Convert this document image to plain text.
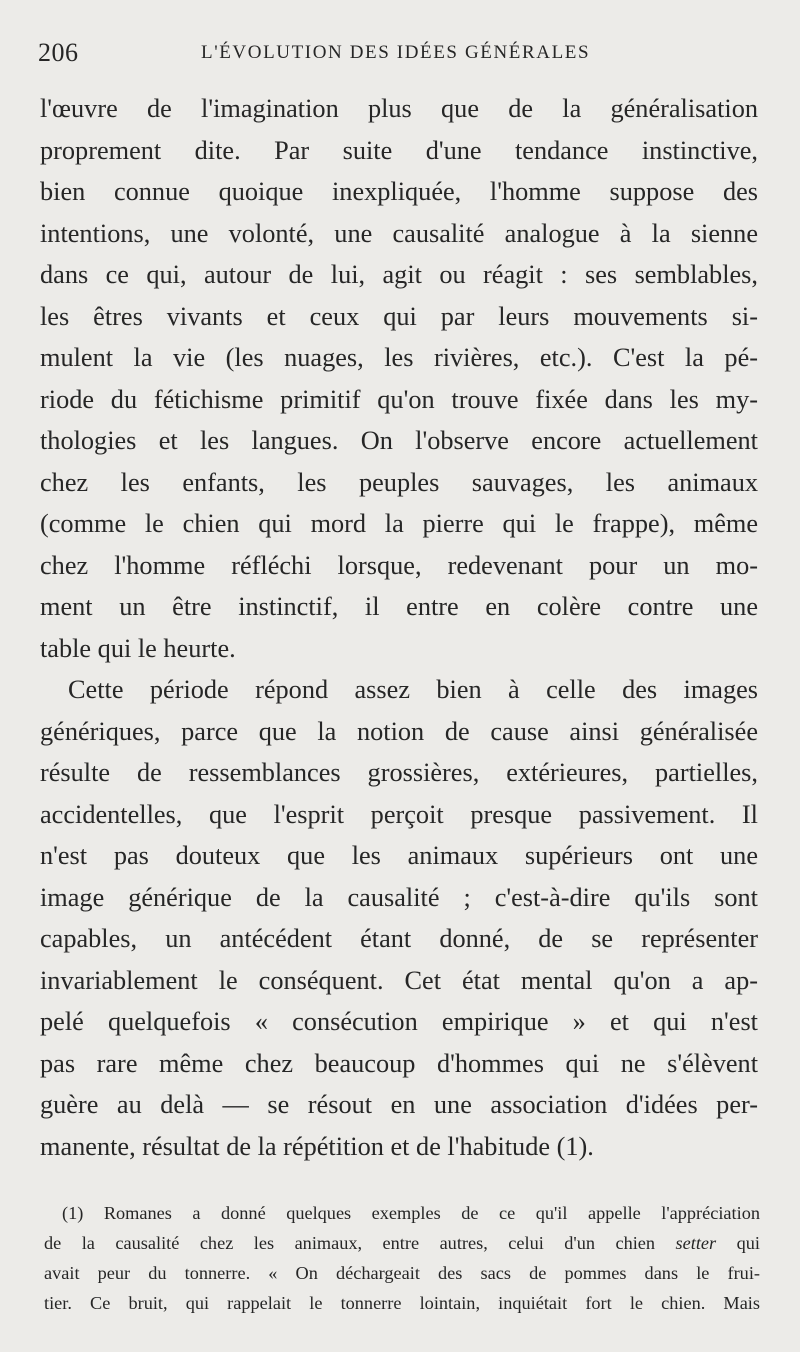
206	L'ÉVOLUTION DES IDÉES GÉNÉRALES
l'œuvre de l'imagination plus que de la généralisation
proprement dite. Par suite d'une tendance instinctive,
bien connue quoique inexpliquée, l'homme suppose des
intentions, une volonté, une causalité analogue à la sienne
dans ce qui, autour de lui, agit ou réagit : ses semblables,
les êtres vivants et ceux qui par leurs mouvements si-
mulent la vie (les nuages, les rivières, etc.). C'est la pé-
riode du fétichisme primitif qu'on trouve fixée dans les my-
thologies et les langues. On l'observe encore actuellement
chez les enfants, les peuples sauvages, les animaux
(comme le chien qui mord la pierre qui le frappe), même
chez l'homme réfléchi lorsque, redevenant pour un mo-
ment un être instinctif, il entre en colère contre une
table qui le heurte.
Cette période répond assez bien à celle des images
génériques, parce que la notion de cause ainsi généralisée
résulte de ressemblances grossières, extérieures, partielles,
accidentelles, que l'esprit perçoit presque passivement. Il
n'est pas douteux que les animaux supérieurs ont une
image générique de la causalité ; c'est-à-dire qu'ils sont
capables, un antécédent étant donné, de se représenter
invariablement le conséquent. Cet état mental qu'on a ap-
pelé quelquefois « consécution empirique » et qui n'est
pas rare même chez beaucoup d'hommes qui ne s'élèvent
guère au delà — se résout en une association d'idées per-
manente, résultat de la répétition et de l'habitude (1).
(1) Romanes a donné quelques exemples de ce qu'il appelle l'appréciation
de la causalité chez les animaux, entre autres, celui d'un chien setter qui
avait peur du tonnerre. « On déchargeait des sacs de pommes dans le frui-
tier. Ce bruit, qui rappelait le tonnerre lointain, inquiétait fort le chien. Mais
